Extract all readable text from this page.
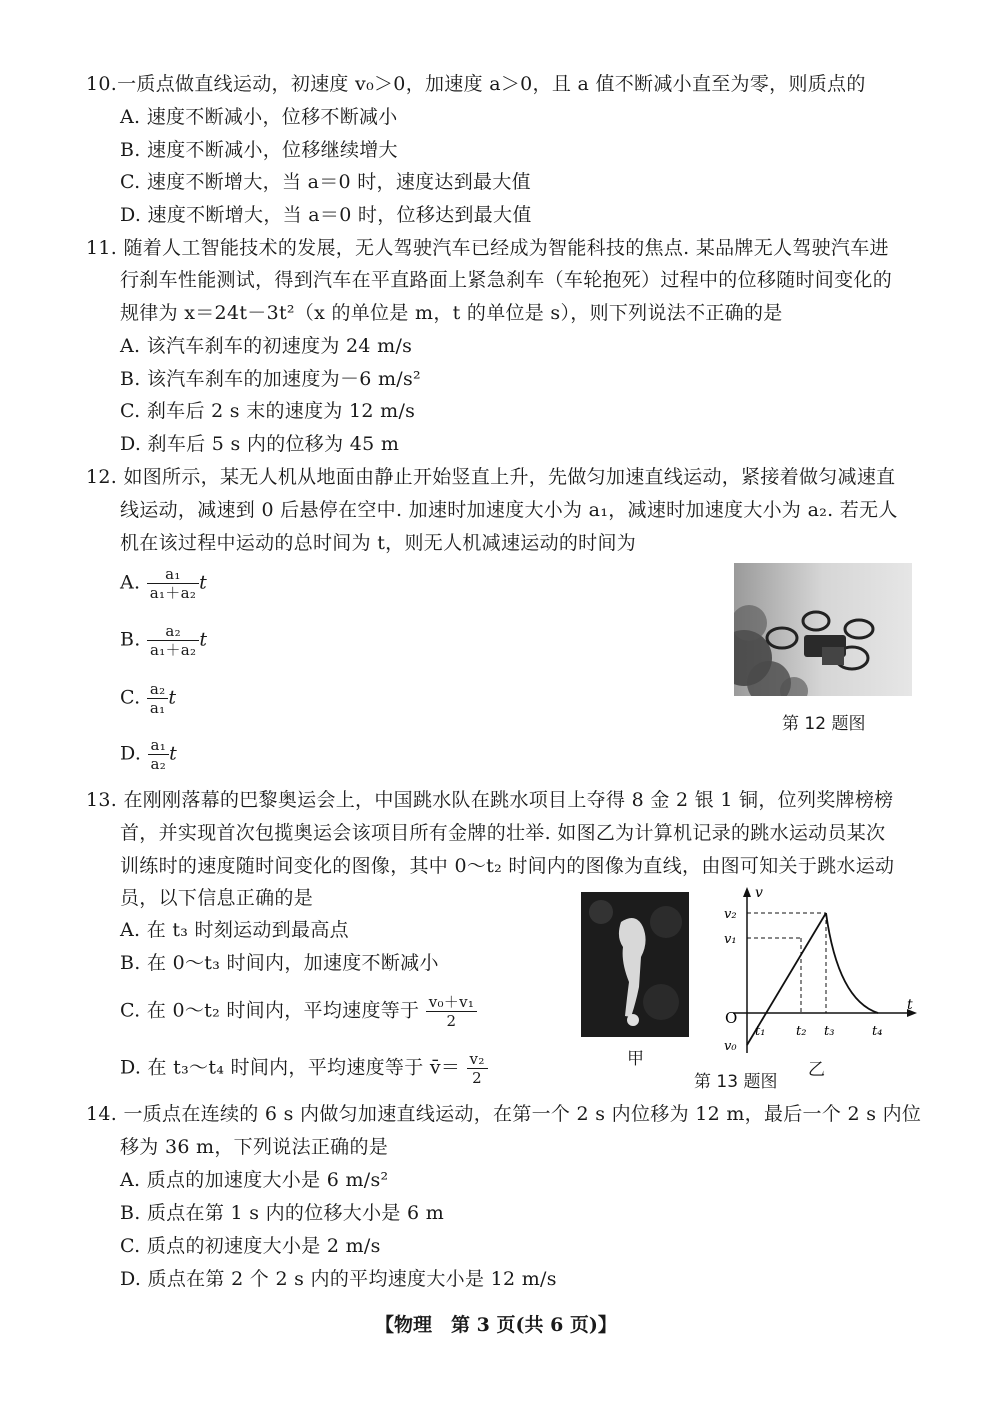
10.一质点做直线运动，初速度 v₀＞0，加速度 a＞0，且 a 值不断减小直至为零，则质点的
A. 速度不断减小，位移不断减小
B. 速度不断减小，位移继续增大
C. 速度不断增大，当 a＝0 时，速度达到最大值
D. 速度不断增大，当 a＝0 时，位移达到最大值
11. 随着人工智能技术的发展，无人驾驶汽车已经成为智能科技的焦点. 某品牌无人驾驶汽车进
行刹车性能测试，得到汽车在平直路面上紧急刹车（车轮抱死）过程中的位移随时间变化的
规律为 x＝24t－3t²（x 的单位是 m，t 的单位是 s），则下列说法不正确的是
A. 该汽车刹车的初速度为 24 m/s
B. 该汽车刹车的加速度为－6 m/s²
C. 刹车后 2 s 末的速度为 12 m/s
D. 刹车后 5 s 内的位移为 45 m
12. 如图所示，某无人机从地面由静止开始竖直上升，先做匀加速直线运动，紧接着做匀减速直
线运动，减速到 0 后悬停在空中. 加速时加速度大小为 a₁，减速时加速度大小为 a₂. 若无人
机在该过程中运动的总时间为 t，则无人机减速运动的时间为
A. $\frac{\text{a₁}}{\text{a₁＋a₂}}$ t
B. $\frac{\text{a₂}}{\text{a₁＋a₂}}$ t
C. $\frac{\text{a₂}}{\text{a₁}}$ t
D. $\frac{\text{a₁}}{\text{a₂}}$ t
第 12 题图
13. 在刚刚落幕的巴黎奥运会上，中国跳水队在跳水项目上夺得 8 金 2 银 1 铜，位列奖牌榜榜
首，并实现首次包揽奥运会该项目所有金牌的壮举. 如图乙为计算机记录的跳水运动员某次
训练时的速度随时间变化的图像，其中 0～t₂ 时间内的图像为直线，由图可知关于跳水运动
员，以下信息正确的是
A. 在 t₃ 时刻运动到最高点
B. 在 0～t₃ 时间内，加速度不断减小
C. 在 0～t₂ 时间内，平均速度等于 $\frac{\text{v₀＋v₁}}{2}$
D. 在 t₃～t₄ 时间内，平均速度等于 v̄＝ $\frac{\text{v₂}}{2}$	甲
v
t
O
v₂
v₁
v₀
t₁ t₂ t₃	t₄
乙
第 13 题图
14. 一质点在连续的 6 s 内做匀加速直线运动，在第一个 2 s 内位移为 12 m，最后一个 2 s 内位
移为 36 m，下列说法正确的是
A. 质点的加速度大小是 6 m/s²
B. 质点在第 1 s 内的位移大小是 6 m
C. 质点的初速度大小是 2 m/s
D. 质点在第 2 个 2 s 内的平均速度大小是 12 m/s
【物理　第 3 页(共 6 页)】
